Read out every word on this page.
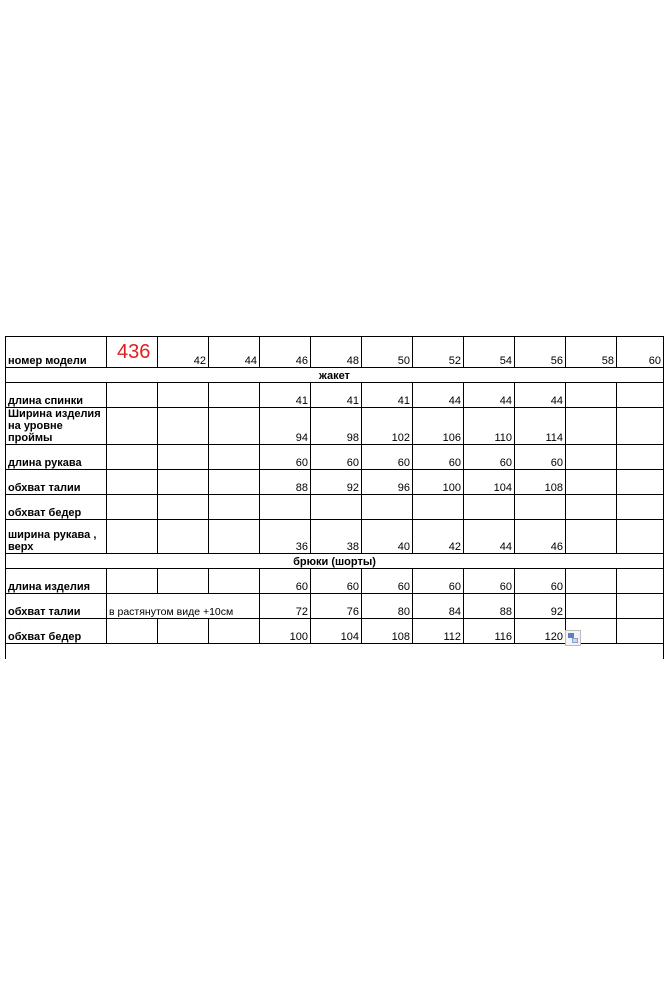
номер модели	436	42	44	46	48	50	52	54	56	58	60
жакет											
длина спинки				41	41	41	44	44	44		
Ширина изделия на уровне проймы				94	98	102	106	110	114		
длина рукава				60	60	60	60	60	60		
обхват талии				88	92	96	100	104	108		
обхват бедер											
ширина рукава , верх				36	38	40	42	44	46		
брюки (шорты)											
длина изделия				60	60	60	60	60	60		
обхват талии	в растянутом виде +10см			72	76	80	84	88	92		
обхват бедер				100	104	108	112	116	120		
